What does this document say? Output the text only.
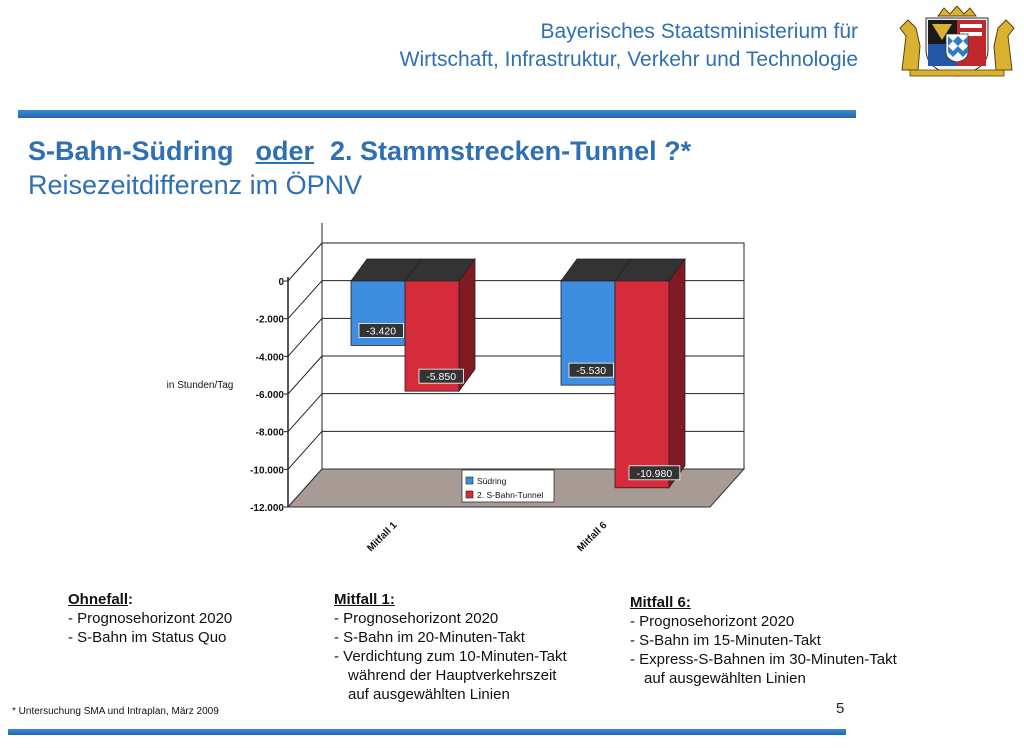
Bayerisches Staatsministerium für
Wirtschaft, Infrastruktur, Verkehr und Technologie
S-Bahn-Südring oder 2. Stammstrecken-Tunnel ?*
Reisezeitdifferenz im ÖPNV
0
-2.000
-4.000
-6.000
-8.000
-10.000
-12.000
in Stunden/Tag
-3.420
-5.850
Mitfall 1
-5.530
-10.980
Mitfall 6
Südring
2. S-Bahn-Tunnel
Ohnefall:
- Prognosehorizont 2020
- S-Bahn im Status Quo
Mitfall 1:
- Prognosehorizont 2020
- S-Bahn im 20-Minuten-Takt
- Verdichtung zum 10-Minuten-Takt
während der Hauptverkehrszeit
auf ausgewählten Linien
Mitfall 6:
- Prognosehorizont 2020
- S-Bahn im 15-Minuten-Takt
- Express-S-Bahnen im 30-Minuten-Takt
auf ausgewählten Linien
* Untersuchung SMA und Intraplan, März 2009	5
